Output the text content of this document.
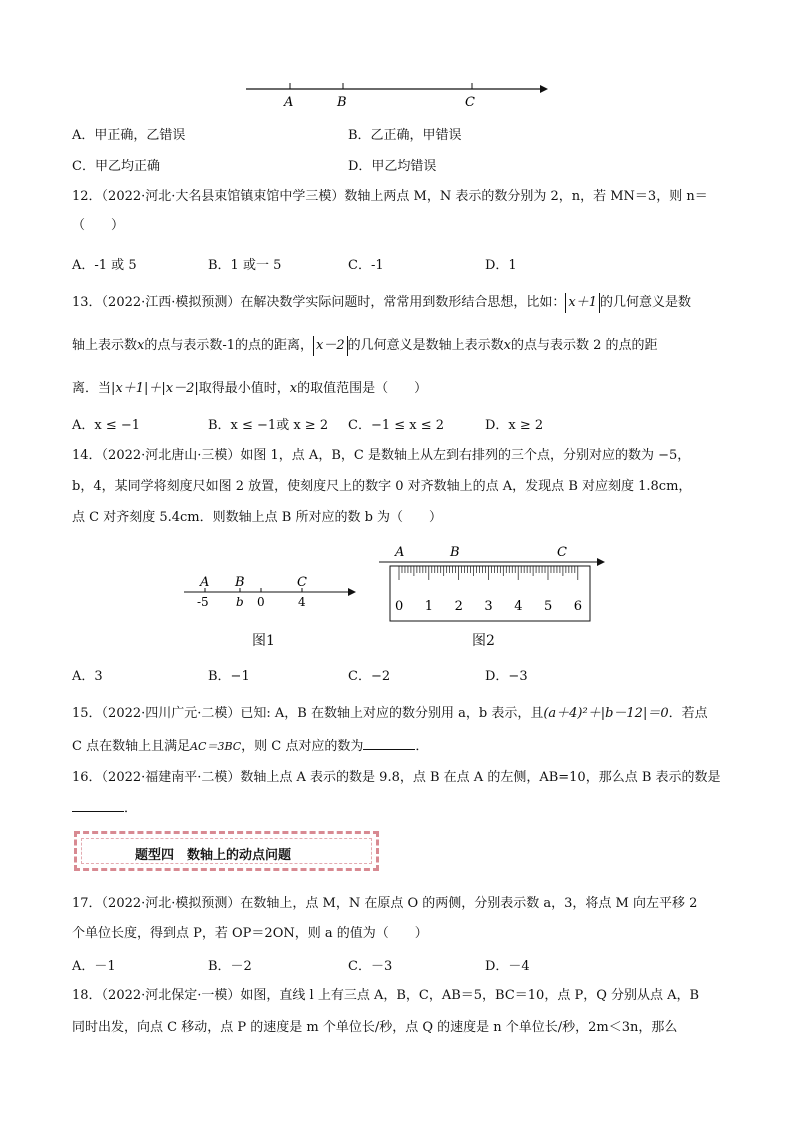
A	B	C
A．甲正确，乙错误	B．乙正确，甲错误
C．甲乙均正确	D．甲乙均错误
12．（2022·河北·大名县束馆镇束馆中学三模）数轴上两点 M，N 表示的数分别为 2，n，若 MN＝3，则 n＝
（　　）
A．-1 或 5	B．1 或一 5	C．-1	D．1
13．（2022·江西·模拟预测）在解决数学实际问题时，常常用到数形结合思想，比如： x＋1 的几何意义是数
轴上表示数x的点与表示数-1的点的距离， x－2 的几何意义是数轴上表示数x的点与表示数 2 的点的距
离．当|x＋1|＋|x－2|取得最小值时，x的取值范围是（　　）
A．x ≤ −1	B．x ≤ −1或 x ≥ 2 C．−1 ≤ x ≤ 2	D．x ≥ 2
14．（2022·河北唐山·三模）如图 1，点 A，B，C 是数轴上从左到右排列的三个点，分别对应的数为 −5，
b，4，某同学将刻度尺如图 2 放置，使刻度尺上的数字 0 对齐数轴上的点 A，发现点 B 对应刻度 1.8cm，
点 C 对齐刻度 5.4cm．则数轴上点 B 所对应的数 b 为（　　）
A B	C
-5 b 0	4
图1
A	B	C
0 1 2 3 4 5 6
图2
A．3	B．−1	C．−2	D．−3
15．（2022·四川广元·二模）已知: A，B 在数轴上对应的数分别用 a，b 表示，且(a＋4)²＋|b－12|＝0．若点
C 点在数轴上且满足AC＝3BC，则 C 点对应的数为	．
16．（2022·福建南平·二模）数轴上点 A 表示的数是 9.8，点 B 在点 A 的左侧，AB=10，那么点 B 表示的数是
．
题型四　数轴上的动点问题
17．（2022·河北·模拟预测）在数轴上，点 M，N 在原点 O 的两侧，分别表示数 a，3，将点 M 向左平移 2
个单位长度，得到点 P，若 OP＝2ON，则 a 的值为（　　）
A．－1	B．－2	C．－3	D．－4
18．（2022·河北保定·一模）如图，直线 l 上有三点 A，B，C，AB＝5，BC＝10，点 P，Q 分别从点 A，B
同时出发，向点 C 移动，点 P 的速度是 m 个单位长/秒，点 Q 的速度是 n 个单位长/秒，2m＜3n，那么
